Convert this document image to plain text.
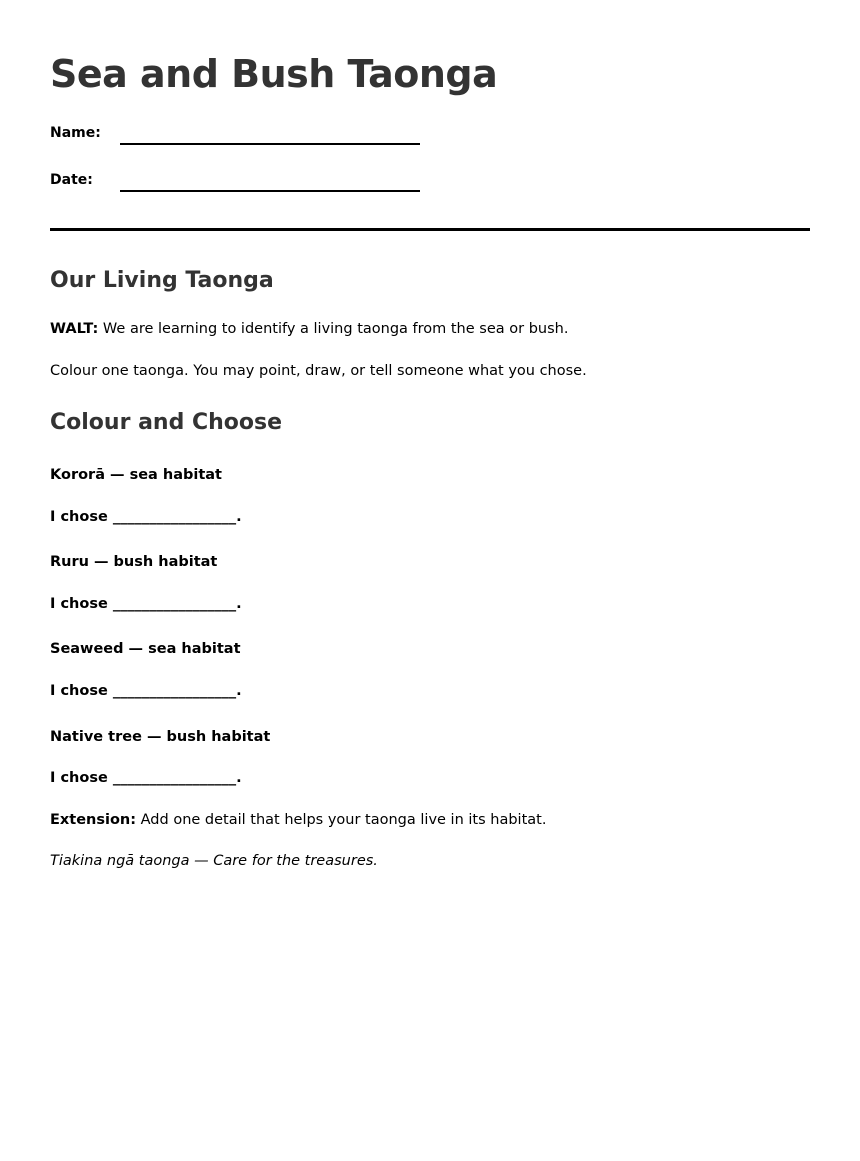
Sea and Bush Taonga
Name:
Date:
Our Living Taonga

WALT: We are learning to identify a living taonga from the sea or bush.

Colour one taonga. You may point, draw, or tell someone what you chose.

Colour and Choose

Kororā — sea habitat

I chose _________________.

Ruru — bush habitat

I chose _________________.

Seaweed — sea habitat

I chose _________________.

Native tree — bush habitat

I chose _________________.

Extension: Add one detail that helps your taonga live in its habitat.

Tiakina ngā taonga — Care for the treasures.
